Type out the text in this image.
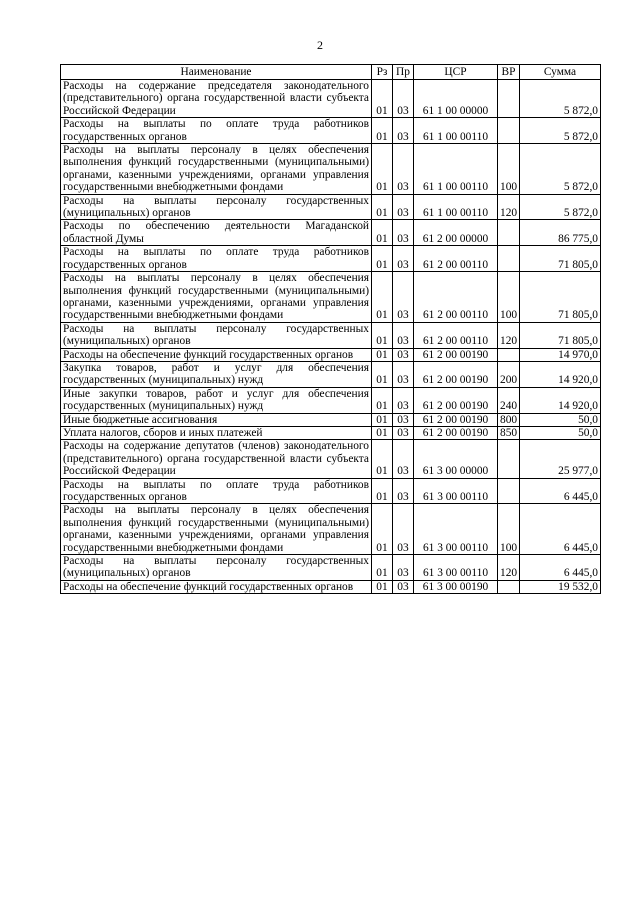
2
Наименование	Рз	Пр	ЦСР	ВР	Сумма
Расходы на содержание председателя законодательного (представительного) органа государственной власти субъекта Российской Федерации	01	03	61 1 00 00000		5 872,0
Расходы на выплаты по оплате труда работников государственных органов	01	03	61 1 00 00110		5 872,0
Расходы на выплаты персоналу в целях обеспечения выполнения функций государственными (муниципальными) органами, казенными учреждениями, органами управления государственными внебюджетными фондами	01	03	61 1 00 00110	100	5 872,0
Расходы на выплаты персоналу государственных (муниципальных) органов	01	03	61 1 00 00110	120	5 872,0
Расходы по обеспечению деятельности Магаданской областной Думы	01	03	61 2 00 00000		86 775,0
Расходы на выплаты по оплате труда работников государственных органов	01	03	61 2 00 00110		71 805,0
Расходы на выплаты персоналу в целях обеспечения выполнения функций государственными (муниципальными) органами, казенными учреждениями, органами управления государственными внебюджетными фондами	01	03	61 2 00 00110	100	71 805,0
Расходы на выплаты персоналу государственных (муниципальных) органов	01	03	61 2 00 00110	120	71 805,0
Расходы на обеспечение функций государственных органов	01	03	61 2 00 00190		14 970,0
Закупка товаров, работ и услуг для обеспечения государственных (муниципальных) нужд	01	03	61 2 00 00190	200	14 920,0
Иные закупки товаров, работ и услуг для обеспечения государственных (муниципальных) нужд	01	03	61 2 00 00190	240	14 920,0
Иные бюджетные ассигнования	01	03	61 2 00 00190	800	50,0
Уплата налогов, сборов и иных платежей	01	03	61 2 00 00190	850	50,0
Расходы на содержание депутатов (членов) законодательного (представительного) органа государственной власти субъекта Российской Федерации	01	03	61 3 00 00000		25 977,0
Расходы на выплаты по оплате труда работников государственных органов	01	03	61 3 00 00110		6 445,0
Расходы на выплаты персоналу в целях обеспечения выполнения функций государственными (муниципальными) органами, казенными учреждениями, органами управления государственными внебюджетными фондами	01	03	61 3 00 00110	100	6 445,0
Расходы на выплаты персоналу государственных (муниципальных) органов	01	03	61 3 00 00110	120	6 445,0
Расходы на обеспечение функций государственных органов	01	03	61 3 00 00190		19 532,0
